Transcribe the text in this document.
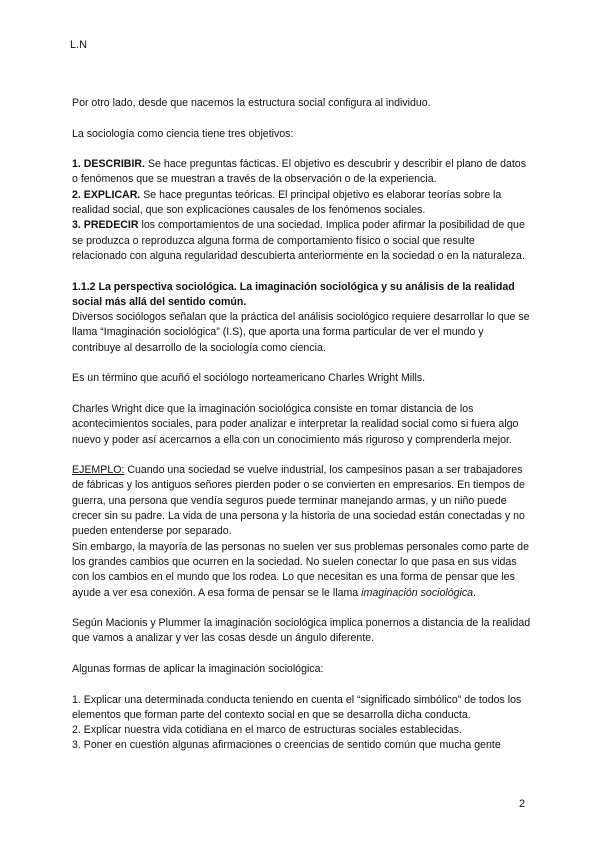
L.N

Por otro lado, desde que nacemos la estructura social configura al individuo.

La sociología como ciencia tiene tres objetivos:

1. DESCRIBIR. Se hace preguntas fácticas. El objetivo es descubrir y describir el plano de datos o fenómenos que se muestran a través de la observación o de la experiencia.

2. EXPLICAR. Se hace preguntas teóricas. El principal objetivo es elaborar teorías sobre la realidad social, que son explicaciones causales de los fenómenos sociales.

3. PREDECIR los comportamientos de una sociedad. Implica poder afirmar la posibilidad de que se produzca o reproduzca alguna forma de comportamiento físico o social que resulte relacionado con alguna regularidad descubierta anteriormente en la sociedad o en la naturaleza.

1.1.2 La perspectiva sociológica. La imaginación sociológica y su análisis de la realidad social más allá del sentido común.

Diversos sociólogos señalan que la práctica del análisis sociológico requiere desarrollar lo que se llama “Imaginación sociológica” (I.S), que aporta una forma particular de ver el mundo y contribuye al desarrollo de la sociología como ciencia.

Es un término que acuñó el sociólogo norteamericano Charles Wright Mills.

Charles Wright dice que la imaginación sociológica consiste en tomar distancia de los acontecimientos sociales, para poder analizar e interpretar la realidad social como si fuera algo nuevo y poder así acercarnos a ella con un conocimiento más riguroso y comprenderla mejor.

EJEMPLO: Cuando una sociedad se vuelve industrial, los campesinos pasan a ser trabajadores de fábricas y los antiguos señores pierden poder o se convierten en empresarios. En tiempos de guerra, una persona que vendía seguros puede terminar manejando armas, y un niño puede crecer sin su padre. La vida de una persona y la historia de una sociedad están conectadas y no pueden entenderse por separado.

Sin embargo, la mayoría de las personas no suelen ver sus problemas personales como parte de los grandes cambios que ocurren en la sociedad. No suelen conectar lo que pasa en sus vidas con los cambios en el mundo que los rodea. Lo que necesitan es una forma de pensar que les ayude a ver esa conexión. A esa forma de pensar se le llama imaginación sociológica.

Según Macionis y Plummer la imaginación sociológica implica ponernos a distancia de la realidad que vamos a analizar y ver las cosas desde un ángulo diferente.

Algunas formas de aplicar la imaginación sociológica:

1. Explicar una determinada conducta teniendo en cuenta el “significado simbólico” de todos los elementos que forman parte del contexto social en que se desarrolla dicha conducta.

2. Explicar nuestra vida cotidiana en el marco de estructuras sociales establecidas.

3. Poner en cuestión algunas afirmaciones o creencias de sentido común que mucha gente

2
